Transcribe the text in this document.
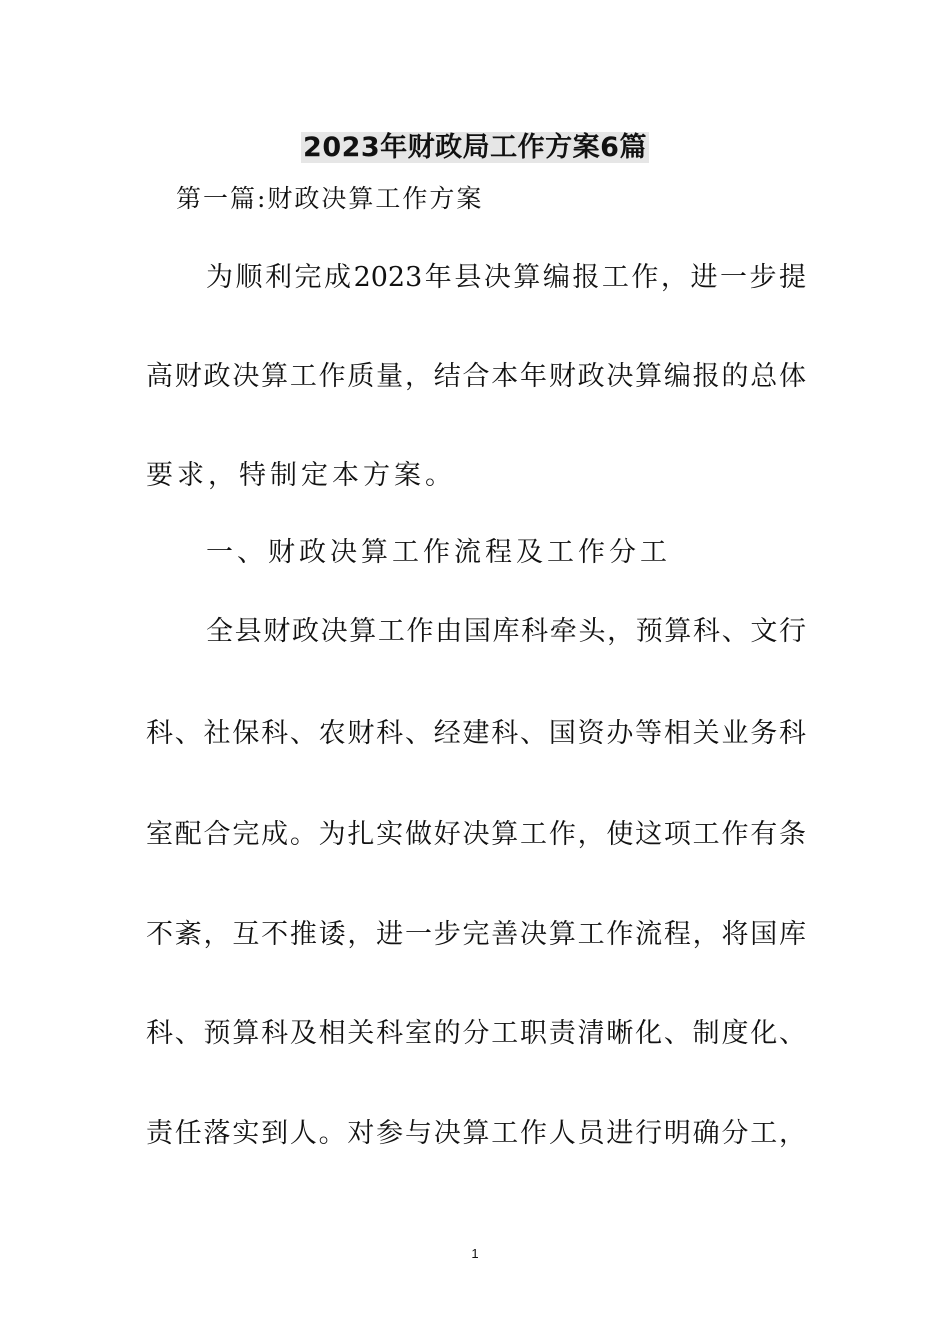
2023年财政局工作方案6篇
第一篇:财政决算工作方案
为顺利完成2023年县决算编报工作，进一步提
高财政决算工作质量，结合本年财政决算编报的总体
要求，特制定本方案。
一、财政决算工作流程及工作分工
全县财政决算工作由国库科牵头，预算科、文行
科、社保科、农财科、经建科、国资办等相关业务科
室配合完成。为扎实做好决算工作，使这项工作有条
不紊，互不推诿，进一步完善决算工作流程，将国库
科、预算科及相关科室的分工职责清晰化、制度化、
责任落实到人。对参与决算工作人员进行明确分工，
1
